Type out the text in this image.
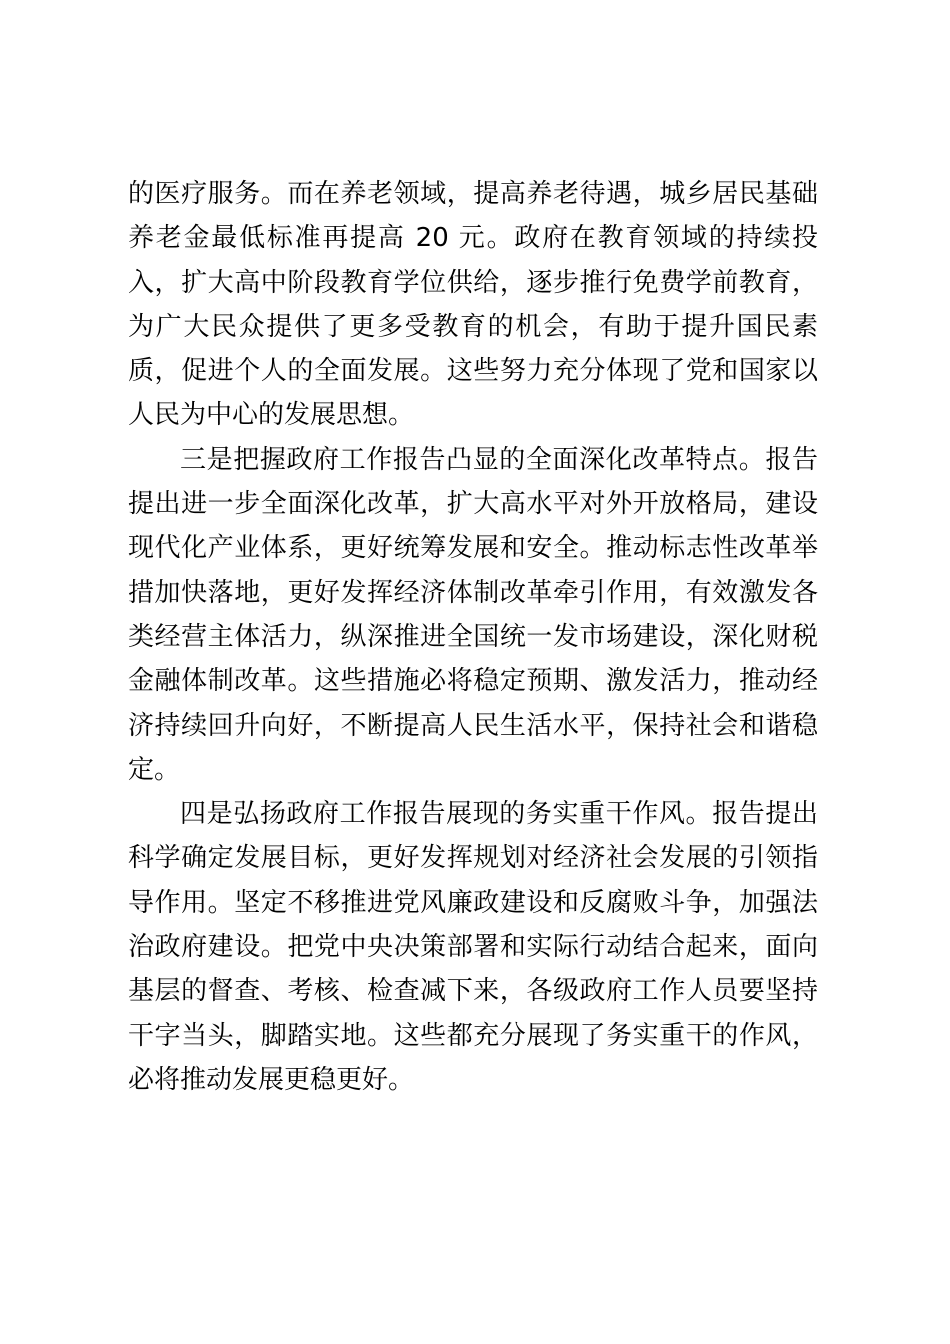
的医疗服务。而在养老领域，提高养老待遇，城乡居民基础养老金最低标准再提高 20 元。政府在教育领域的持续投入，扩大高中阶段教育学位供给，逐步推行免费学前教育，为广大民众提供了更多受教育的机会，有助于提升国民素质，促进个人的全面发展。这些努力充分体现了党和国家以人民为中心的发展思想。

三是把握政府工作报告凸显的全面深化改革特点。报告提出进一步全面深化改革，扩大高水平对外开放格局，建设现代化产业体系，更好统筹发展和安全。推动标志性改革举措加快落地，更好发挥经济体制改革牵引作用，有效激发各类经营主体活力，纵深推进全国统一发市场建设，深化财税金融体制改革。这些措施必将稳定预期、激发活力，推动经济持续回升向好，不断提高人民生活水平，保持社会和谐稳定。

四是弘扬政府工作报告展现的务实重干作风。报告提出科学确定发展目标，更好发挥规划对经济社会发展的引领指导作用。坚定不移推进党风廉政建设和反腐败斗争，加强法治政府建设。把党中央决策部署和实际行动结合起来，面向基层的督查、考核、检查减下来，各级政府工作人员要坚持干字当头，脚踏实地。这些都充分展现了务实重干的作风，必将推动发展更稳更好。
